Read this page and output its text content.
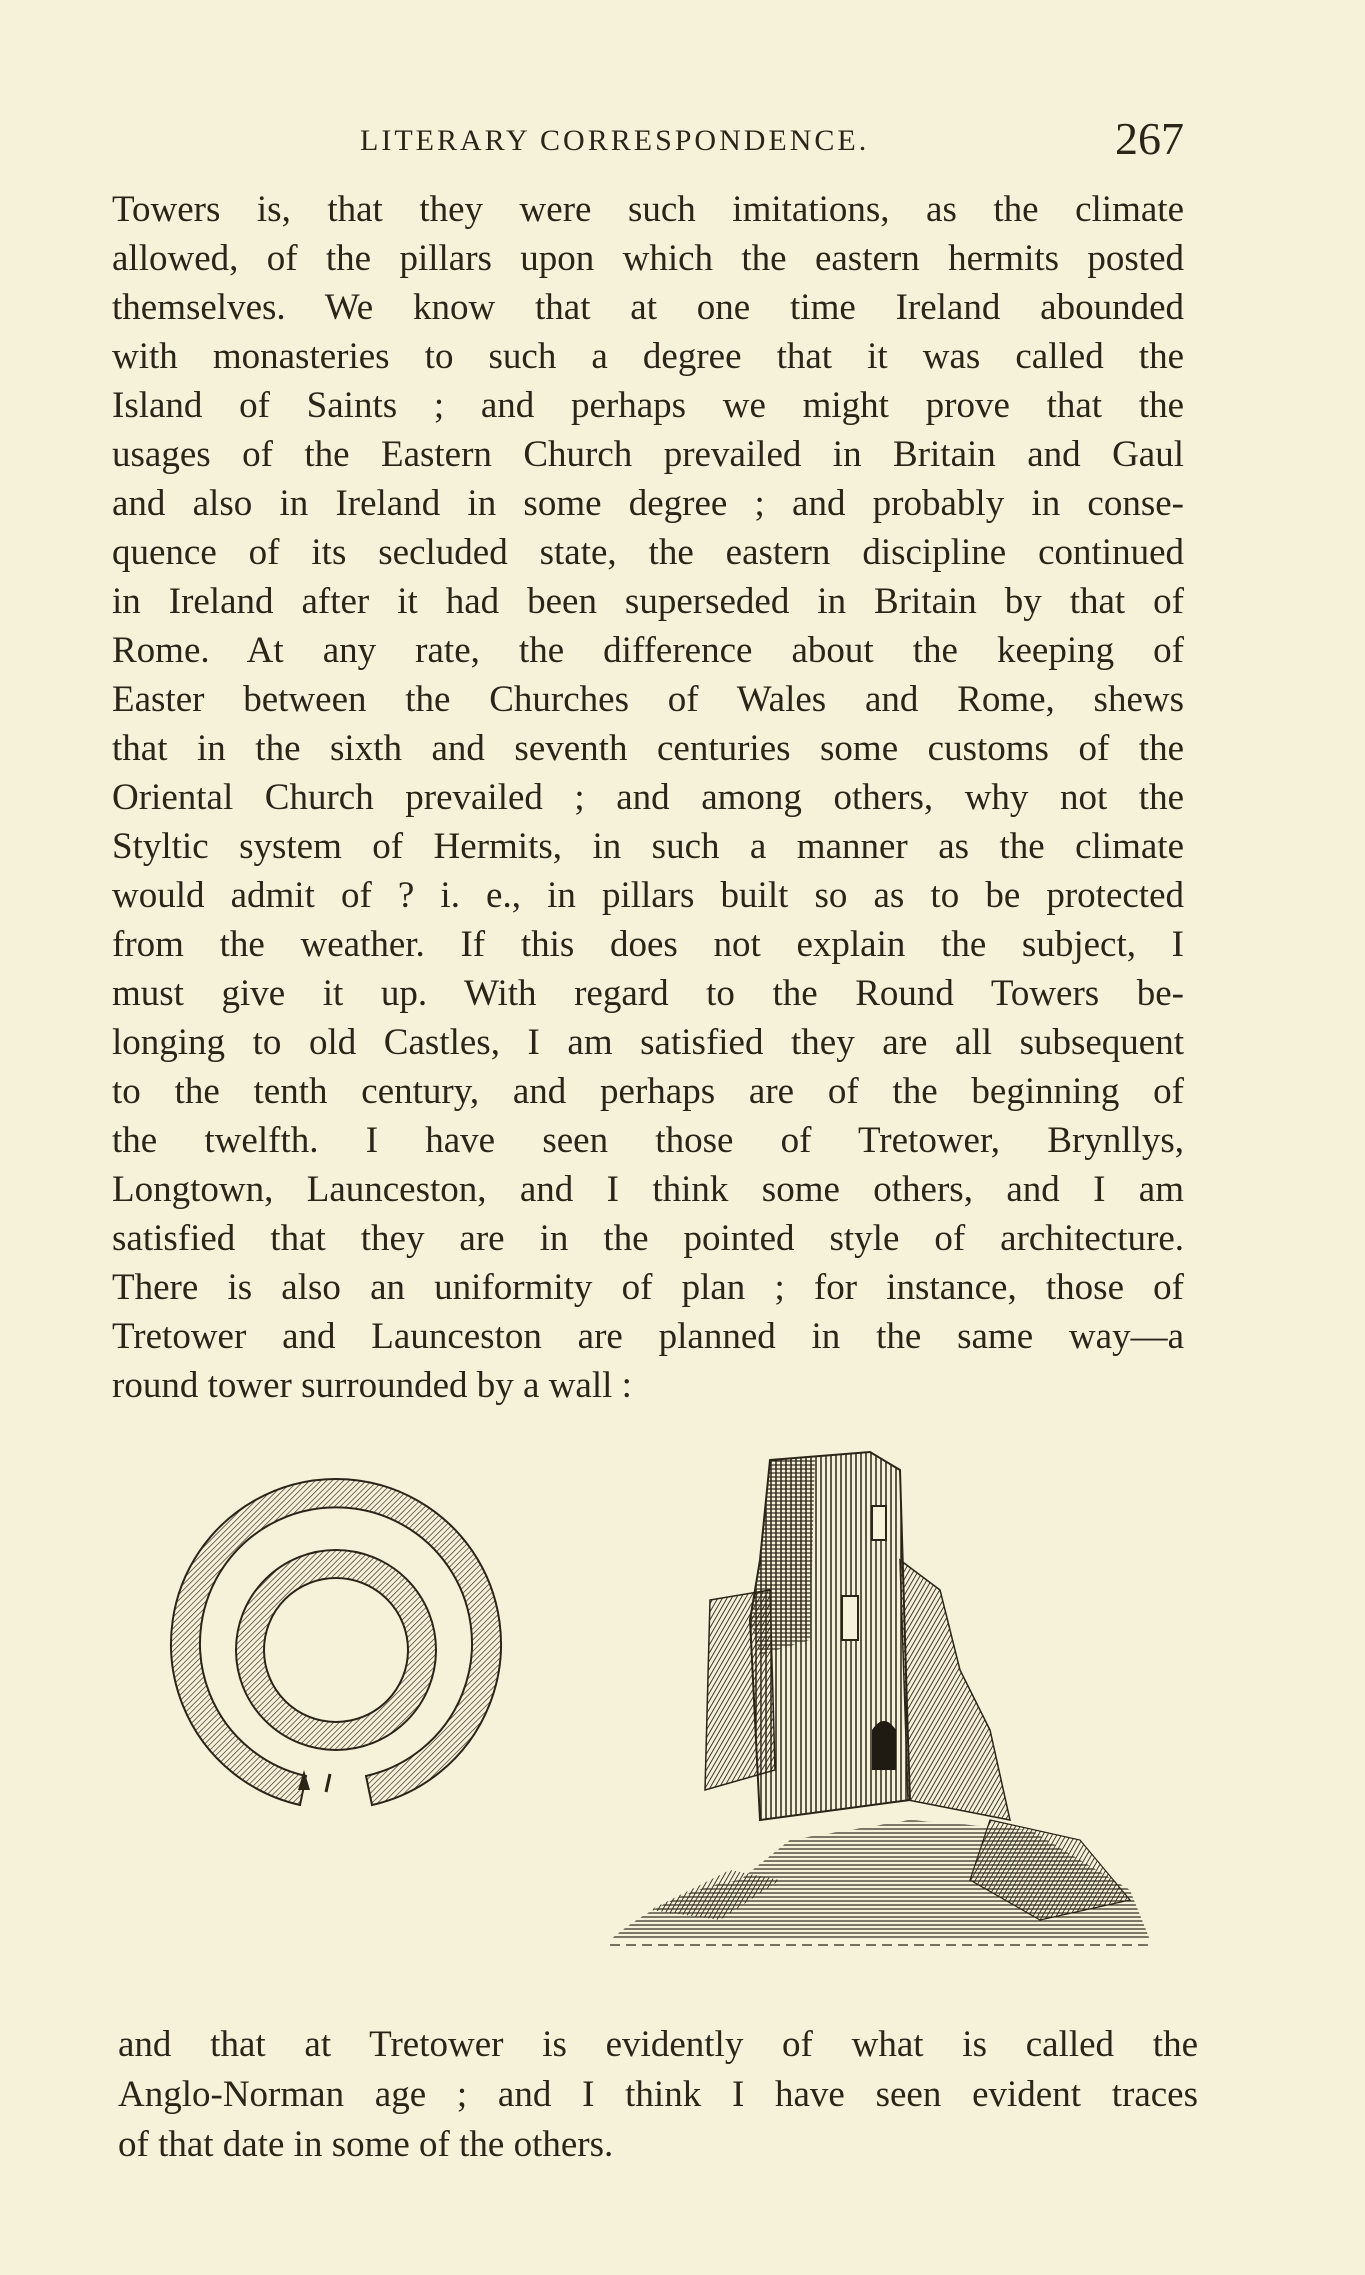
LITERARY CORRESPONDENCE.	267
Towers is, that they were such imitations, as the climate
allowed, of the pillars upon which the eastern hermits posted
themselves. We know that at one time Ireland abounded
with monasteries to such a degree that it was called the
Island of Saints ; and perhaps we might prove that the
usages of the Eastern Church prevailed in Britain and Gaul
and also in Ireland in some degree ; and probably in conse-
quence of its secluded state, the eastern discipline continued
in Ireland after it had been superseded in Britain by that of
Rome. At any rate, the difference about the keeping of
Easter between the Churches of Wales and Rome, shews
that in the sixth and seventh centuries some customs of the
Oriental Church prevailed ; and among others, why not the
Styltic system of Hermits, in such a manner as the climate
would admit of ? i. e., in pillars built so as to be protected
from the weather. If this does not explain the subject, I
must give it up. With regard to the Round Towers be-
longing to old Castles, I am satisfied they are all subsequent
to the tenth century, and perhaps are of the beginning of
the twelfth. I have seen those of Tretower, Brynllys,
Longtown, Launceston, and I think some others, and I am
satisfied that they are in the pointed style of architecture.
There is also an uniformity of plan ; for instance, those of
Tretower and Launceston are planned in the same way—a
round tower surrounded by a wall :
and that at Tretower is evidently of what is called the
Anglo-Norman age ; and I think I have seen evident traces
of that date in some of the others.
